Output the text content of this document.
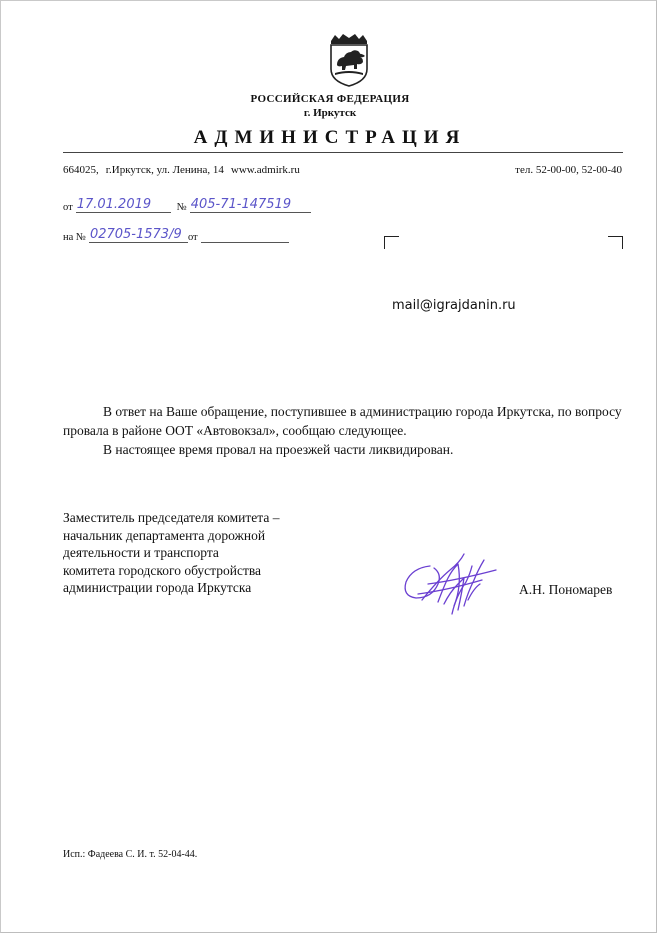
РОССИЙСКАЯ ФЕДЕРАЦИЯ
г. Иркутск
АДМИНИСТРАЦИЯ
664025, г.Иркутск, ул. Ленина, 14 www.admirk.ru	тел. 52-00-00, 52-00-40
от 17.01.2019	№ 405-71-147519
на № 02705-1573/9 от
mail@igrajdanin.ru

В ответ на Ваше обращение, поступившее в администрацию города Иркутска, по вопросу провала в районе ООТ «Автовокзал», сообщаю следующее.

В настоящее время провал на проезжей части ликвидирован.

Заместитель председателя комитета –
начальник департамента дорожной
деятельности и транспорта
комитета городского обустройства
администрации города Иркутска	А.Н. Пономарев
Исп.: Фадеева С. И. т. 52-04-44.
